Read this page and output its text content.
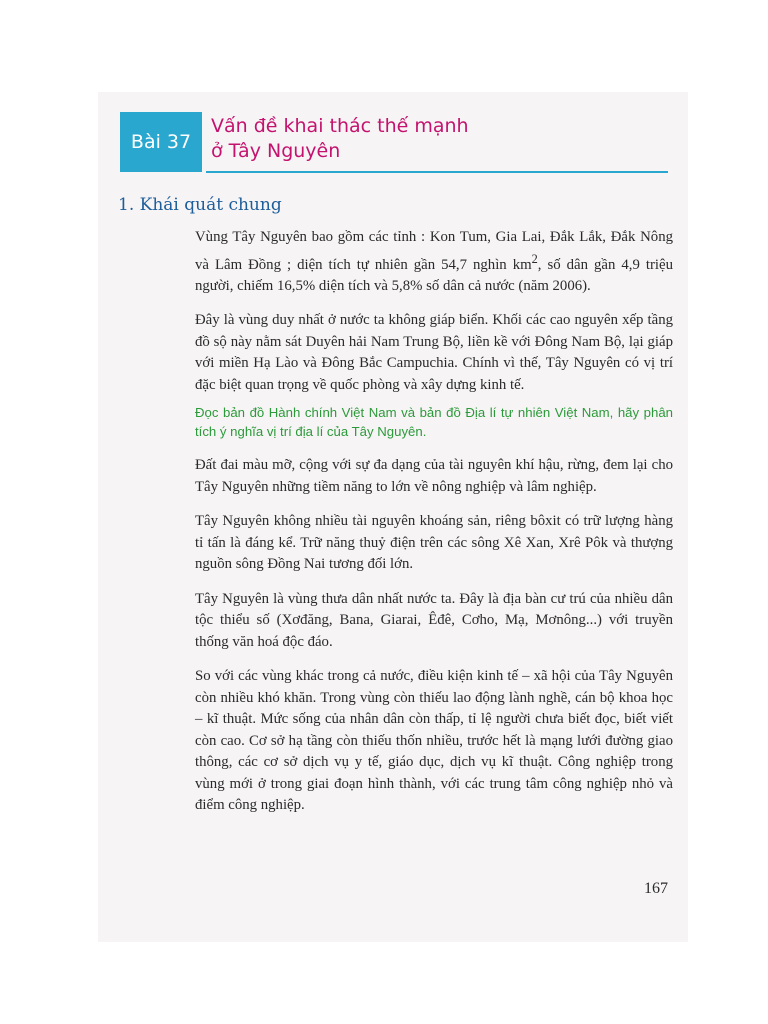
Bài 37
Vấn đề khai thác thế mạnh
ở Tây Nguyên
1. Khái quát chung

Vùng Tây Nguyên bao gồm các tỉnh : Kon Tum, Gia Lai, Đắk Lắk, Đắk Nông và Lâm Đồng ; diện tích tự nhiên gần 54,7 nghìn $km^2$, số dân gần 4,9 triệu người, chiếm 16,5% diện tích và 5,8% số dân cả nước (năm 2006).

Đây là vùng duy nhất ở nước ta không giáp biển. Khối các cao nguyên xếp tầng đồ sộ này nằm sát Duyên hải Nam Trung Bộ, liền kề với Đông Nam Bộ, lại giáp với miền Hạ Lào và Đông Bắc Campuchia. Chính vì thế, Tây Nguyên có vị trí đặc biệt quan trọng về quốc phòng và xây dựng kinh tế.

Đọc bản đồ Hành chính Việt Nam và bản đồ Địa lí tự nhiên Việt Nam, hãy phân tích ý nghĩa vị trí địa lí của Tây Nguyên.

Đất đai màu mỡ, cộng với sự đa dạng của tài nguyên khí hậu, rừng, đem lại cho Tây Nguyên những tiềm năng to lớn về nông nghiệp và lâm nghiệp.

Tây Nguyên không nhiều tài nguyên khoáng sản, riêng bôxit có trữ lượng hàng tỉ tấn là đáng kể. Trữ năng thuỷ điện trên các sông Xê Xan, Xrê Pôk và thượng nguồn sông Đồng Nai tương đối lớn.

Tây Nguyên là vùng thưa dân nhất nước ta. Đây là địa bàn cư trú của nhiều dân tộc thiểu số (Xơđăng, Bana, Giarai, Êđê, Cơho, Mạ, Mơnông...) với truyền thống văn hoá độc đáo.

So với các vùng khác trong cả nước, điều kiện kinh tế – xã hội của Tây Nguyên còn nhiều khó khăn. Trong vùng còn thiếu lao động lành nghề, cán bộ khoa học – kĩ thuật. Mức sống của nhân dân còn thấp, tỉ lệ người chưa biết đọc, biết viết còn cao. Cơ sở hạ tầng còn thiếu thốn nhiều, trước hết là mạng lưới đường giao thông, các cơ sở dịch vụ y tế, giáo dục, dịch vụ kĩ thuật. Công nghiệp trong vùng mới ở trong giai đoạn hình thành, với các trung tâm công nghiệp nhỏ và điểm công nghiệp.

167
